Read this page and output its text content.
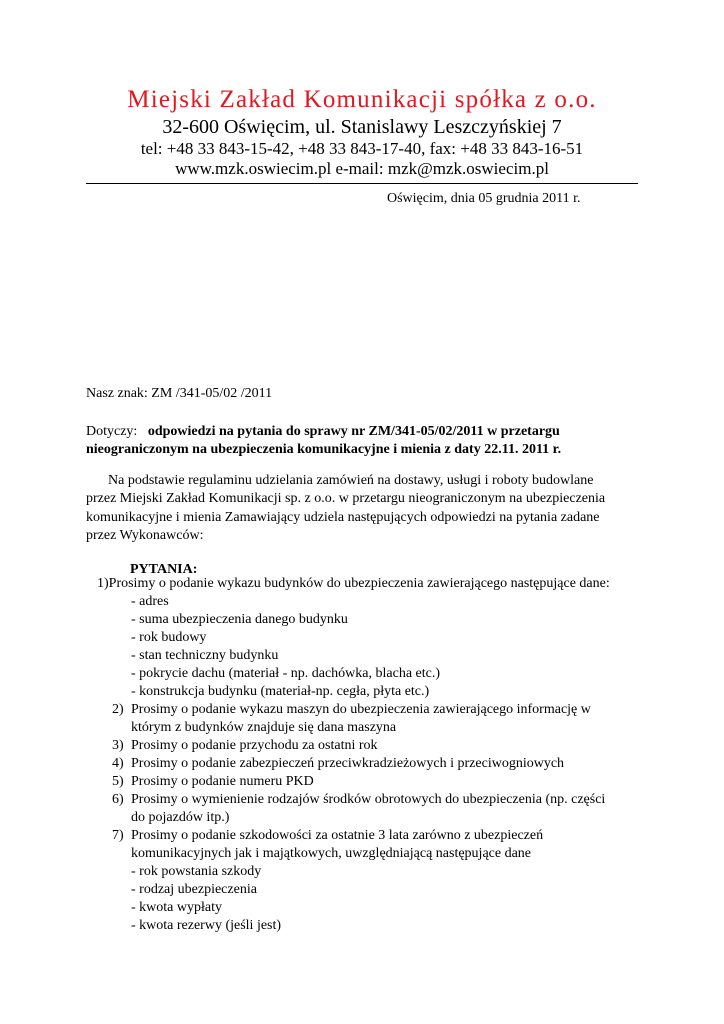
Miejski Zakład Komunikacji spółka z o.o.
32-600 Oświęcim, ul. Stanislawy Leszczyńskiej 7
tel: +48 33 843-15-42, +48 33 843-17-40, fax: +48 33 843-16-51
www.mzk.oswiecim.pl e-mail: mzk@mzk.oswiecim.pl
Oświęcim, dnia 05 grudnia 2011 r.
Nasz znak: ZM /341-05/02 /2011
Dotyczy: odpowiedzi na pytania do sprawy nr ZM/341-05/02/2011 w przetargu
nieograniczonym na ubezpieczenia komunikacyjne i mienia z daty 22.11. 2011 r.
Na podstawie regulaminu udzielania zamówień na dostawy, usługi i roboty budowlane
przez Miejski Zakład Komunikacji sp. z o.o. w przetargu nieograniczonym na ubezpieczenia
komunikacyjne i mienia Zamawiający udziela następujących odpowiedzi na pytania zadane
przez Wykonawców:
PYTANIA:
1)Prosimy o podanie wykazu budynków do ubezpieczenia zawierającego następujące dane:
- adres
- suma ubezpieczenia danego budynku
- rok budowy
- stan techniczny budynku
- pokrycie dachu (materiał - np. dachówka, blacha etc.)
- konstrukcja budynku (materiał-np. cegła, płyta etc.)
2) Prosimy o podanie wykazu maszyn do ubezpieczenia zawierającego informację w
którym z budynków znajduje się dana maszyna
3) Prosimy o podanie przychodu za ostatni rok
4) Prosimy o podanie zabezpieczeń przeciwkradzieżowych i przeciwogniowych
5) Prosimy o podanie numeru PKD
6) Prosimy o wymienienie rodzajów środków obrotowych do ubezpieczenia (np. części
do pojazdów itp.)
7) Prosimy o podanie szkodowości za ostatnie 3 lata zarówno z ubezpieczeń
komunikacyjnych jak i majątkowych, uwzględniającą następujące dane
- rok powstania szkody
- rodzaj ubezpieczenia
- kwota wypłaty
- kwota rezerwy (jeśli jest)
